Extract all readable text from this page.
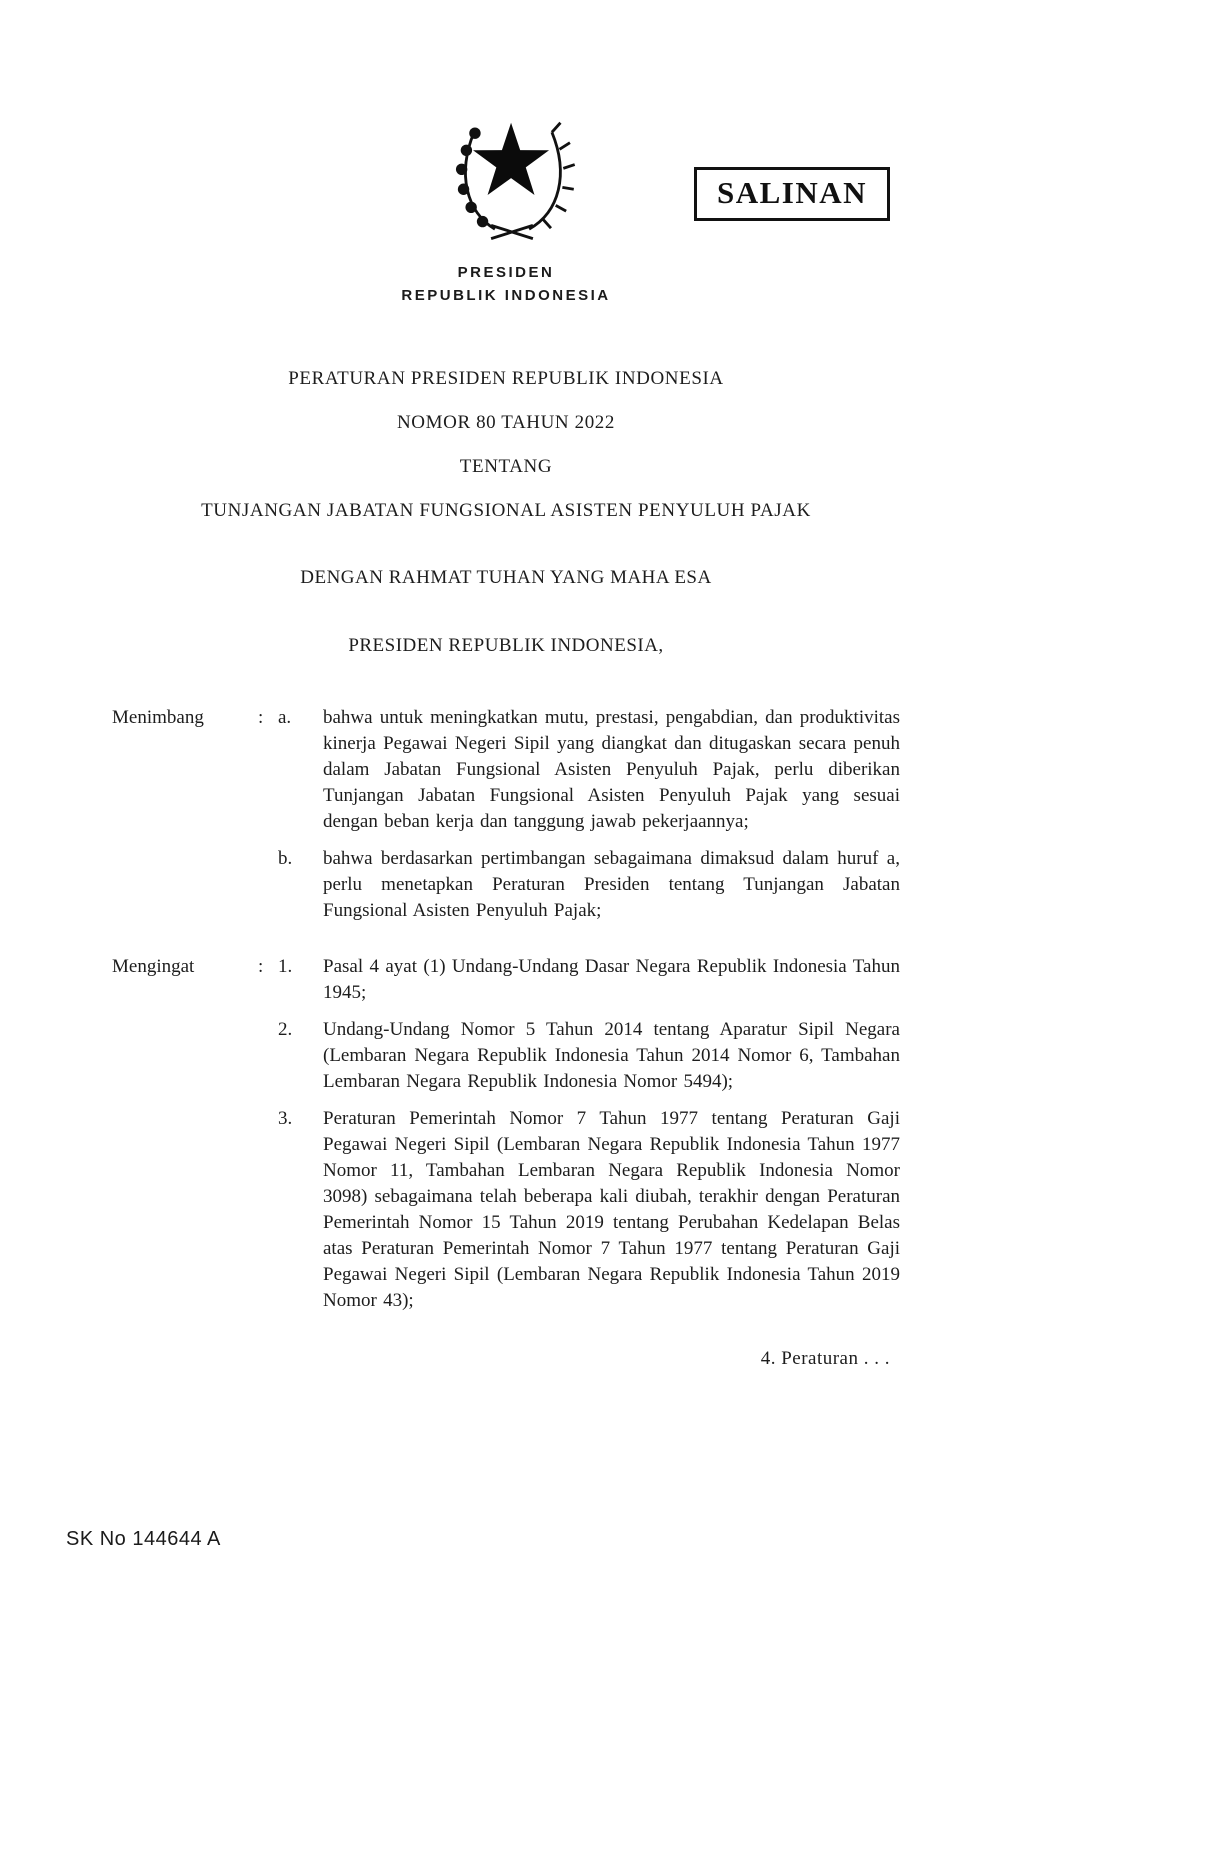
SALINAN
PRESIDEN
REPUBLIK INDONESIA
PERATURAN PRESIDEN REPUBLIK INDONESIA
NOMOR 80 TAHUN 2022
TENTANG
TUNJANGAN JABATAN FUNGSIONAL ASISTEN PENYULUH PAJAK
DENGAN RAHMAT TUHAN YANG MAHA ESA
PRESIDEN REPUBLIK INDONESIA,
Menimbang	: a.	bahwa untuk meningkatkan mutu, prestasi, pengabdian, dan produktivitas kinerja Pegawai Negeri Sipil yang diangkat dan ditugaskan secara penuh dalam Jabatan Fungsional Asisten Penyuluh Pajak, perlu diberikan Tunjangan Jabatan Fungsional Asisten Penyuluh Pajak yang sesuai dengan beban kerja dan tanggung jawab pekerjaannya;
b.	bahwa berdasarkan pertimbangan sebagaimana dimaksud dalam huruf a, perlu menetapkan Peraturan Presiden tentang Tunjangan Jabatan Fungsional Asisten Penyuluh Pajak;
Mengingat	: 1.	Pasal 4 ayat (1) Undang-Undang Dasar Negara Republik Indonesia Tahun 1945;
2.	Undang-Undang Nomor 5 Tahun 2014 tentang Aparatur Sipil Negara (Lembaran Negara Republik Indonesia Tahun 2014 Nomor 6, Tambahan Lembaran Negara Republik Indonesia Nomor 5494);
3.	Peraturan Pemerintah Nomor 7 Tahun 1977 tentang Peraturan Gaji Pegawai Negeri Sipil (Lembaran Negara Republik Indonesia Tahun 1977 Nomor 11, Tambahan Lembaran Negara Republik Indonesia Nomor 3098) sebagaimana telah beberapa kali diubah, terakhir dengan Peraturan Pemerintah Nomor 15 Tahun 2019 tentang Perubahan Kedelapan Belas atas Peraturan Pemerintah Nomor 7 Tahun 1977 tentang Peraturan Gaji Pegawai Negeri Sipil (Lembaran Negara Republik Indonesia Tahun 2019 Nomor 43);
4. Peraturan . . .
SK No 144644 A
